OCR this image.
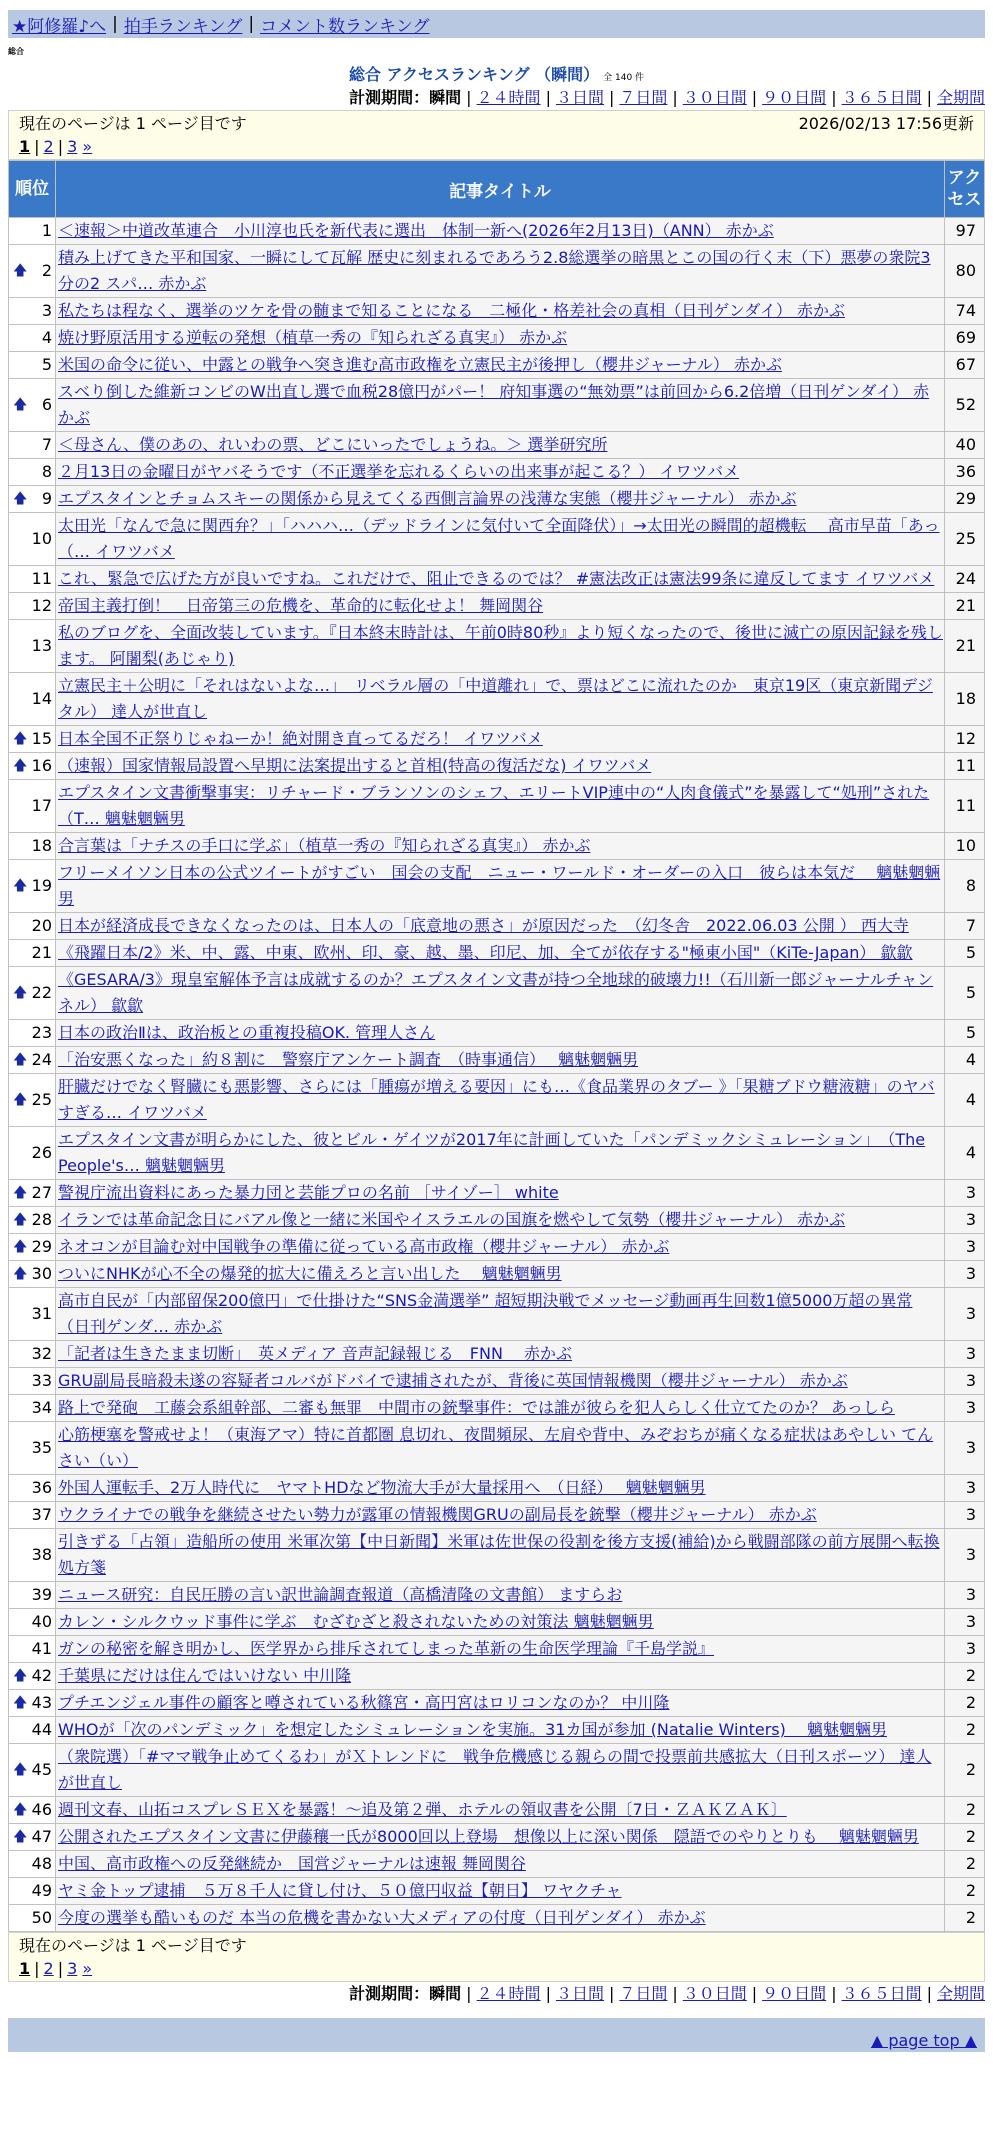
★阿修羅♪へ | 拍手ランキング | コメント数ランキング
総合
総合 アクセスランキング （瞬間） 全 140 件
計測期間：瞬間 | ２４時間 | ３日間 | ７日間 | ３０日間 | ９０日間 | ３６５日間 | 全期間
現在のページは 1 ページ目です	2026/02/13 17:56更新
1 | 2 | 3 »
順位	記事タイトル	アクセス
1	＜速報＞中道改革連合　小川淳也氏を新代表に選出　体制一新へ(2026年2月13日)（ANN） 赤かぶ	97

🡅 2	積み上げてきた平和国家、一瞬にして瓦解 歴史に刻まれるであろう2.8総選挙の暗黒とこの国の行く末（下）悪夢の衆院3分の2 スパ… 赤かぶ	80
3	私たちは程なく、選挙のツケを骨の髄まで知ることになる　二極化・格差社会の真相（日刊ゲンダイ） 赤かぶ	74
4	焼け野原活用する逆転の発想（植草一秀の『知られざる真実』） 赤かぶ	69
5	米国の命令に従い、中露との戦争へ突き進む高市政権を立憲民主が後押し（櫻井ジャーナル） 赤かぶ	67

🡅 6	スベり倒した維新コンビのW出直し選で血税28億円がパー！ 府知事選の“無効票”は前回から6.2倍増（日刊ゲンダイ） 赤かぶ	52
7	＜母さん、僕のあの、れいわの票、どこにいったでしょうね。＞ 選挙研究所	40
8	２月13日の金曜日がヤバそうです（不正選挙を忘れるくらいの出来事が起こる？） イワツバメ	36

🡅 9	エプスタインとチョムスキーの関係から見えてくる西側言論界の浅薄な実態（櫻井ジャーナル） 赤かぶ	29
10	太田光「なんで急に関西弁？」「ハハハ…（デッドラインに気付いて全面降伏）」→太田光の瞬間的超機転　 高市早苗「あっ（… イワツバメ	25
11	これ、緊急で広げた方が良いですね。これだけで、阻止できるのでは？ #憲法改正は憲法99条に違反してます イワツバメ	24
12	帝国主義打倒！　日帝第三の危機を、革命的に転化せよ！ 舞岡関谷	21
13	私のブログを、全面改装しています。『日本終末時計は、午前0時80秒』より短くなったので、後世に滅亡の原因記録を残します。 阿闍梨(あじゃり)	21
14	立憲民主＋公明に「それはないよな…」　リベラル層の「中道離れ」で、票はどこに流れたのか　東京19区（東京新聞デジタル） 達人が世直し	18

🡅 15	日本全国不正祭りじゃねーか！絶対開き直ってるだろ！ イワツバメ	12

🡅 16	（速報）国家情報局設置へ早期に法案提出すると首相(特高の復活だな) イワツバメ	11
17	エプスタイン文書衝撃事実：リチャード・ブランソンのシェフ、エリートVIP連中の“人肉食儀式”を暴露して“処刑”された（T… 魑魅魍魎男	11
18	合言葉は「ナチスの手口に学ぶ」（植草一秀の『知られざる真実』） 赤かぶ	10

🡅 19	フリーメイソン日本の公式ツイートがすごい　国会の支配　ニュー・ワールド・オーダーの入口　彼らは本気だ　 魑魅魍魎男	8
20	日本が経済成長できなくなったのは、日本人の「底意地の悪さ」が原因だった　（幻冬舎　2022.06.03 公開 ） 西大寺	7
21	《飛躍日本/2》米、中、露、中東、欧州、印、豪、越、墨、印尼、加、全てが依存する"極東小国"（KiTe-Japan） 歙歙	5

🡅 22	《GESARA/3》現皇室解体予言は成就するのか？エプスタイン文書が持つ全地球的破壊力!!（石川新一郎ジャーナルチャンネル） 歙歙	5
23	日本の政治Ⅱは、政治板との重複投稿OK. 管理人さん	5

🡅 24	「治安悪くなった」約８割に　警察庁アンケート調査　（時事通信）　 魑魅魍魎男	4

🡅 25	肝臓だけでなく腎臓にも悪影響、さらには「腫瘍が増える要因」にも…《食品業界のタブー 》「果糖ブドウ糖液糖」のヤバすぎる… イワツバメ	4
26	エプスタイン文書が明らかにした、彼とビル・ゲイツが2017年に計画していた「パンデミックシミュレーション」　（The People's… 魑魅魍魎男	4

🡅 27	警視庁流出資料にあった暴力団と芸能プロの名前 ［サイゾー］ white	3

🡅 28	イランでは革命記念日にバアル像と一緒に米国やイスラエルの国旗を燃やして気勢（櫻井ジャーナル） 赤かぶ	3

🡅 29	ネオコンが目論む対中国戦争の準備に従っている高市政権（櫻井ジャーナル） 赤かぶ	3

🡅 30	ついにNHKが心不全の爆発的拡大に備えろと言い出した　 魑魅魍魎男	3
31	高市自民が「内部留保200億円」で仕掛けた“SNS金満選挙” 超短期決戦でメッセージ動画再生回数1億5000万超の異常（日刊ゲンダ… 赤かぶ	3
32	「記者は生きたまま切断」　英メディア 音声記録報じる　FNN　 赤かぶ	3
33	GRU副局長暗殺未遂の容疑者コルバがドバイで逮捕されたが、背後に英国情報機関（櫻井ジャーナル） 赤かぶ	3
34	路上で発砲　工藤会系組幹部、二審も無罪　中間市の銃撃事件：では誰が彼らを犯人らしく仕立てたのか？ あっしら	3
35	心筋梗塞を警戒せよ！（東海アマ）特に首都圏 息切れ、夜間頻尿、左肩や背中、みぞおちが痛くなる症状はあやしい てんさい（い）	3
36	外国人運転手、2万人時代に　ヤマトHDなど物流大手が大量採用へ　（日経）　 魑魅魍魎男	3
37	ウクライナでの戦争を継続させたい勢力が露軍の情報機関GRUの副局長を銃撃（櫻井ジャーナル） 赤かぶ	3
38	引きずる「占領」造船所の使用 米軍次第【中日新聞】米軍は佐世保の役割を後方支援(補給)から戦闘部隊の前方展開へ転換 処方箋	3
39	ニュース研究：自民圧勝の言い訳世論調査報道（高橋清隆の文書館） ますらお	3
40	カレン・シルクウッド事件に学ぶ　むざむざと殺されないための対策法 魑魅魍魎男	3
41	ガンの秘密を解き明かし、医学界から排斥されてしまった革新の生命医学理論『千島学説』	3

🡅 42	千葉県にだけは住んではいけない 中川隆	2

🡅 43	プチエンジェル事件の顧客と噂されている秋篠宮・高円宮はロリコンなのか？ 中川隆	2
44	WHOが「次のパンデミック」を想定したシミュレーションを実施。31カ国が参加 (Natalie Winters)　 魑魅魍魎男	2

🡅 45	（衆院選）「#ママ戦争止めてくるわ」がＸトレンドに　戦争危機感じる親らの間で投票前共感拡大（日刊スポーツ） 達人が世直し	2

🡅 46	週刊文春、山拓コスプレＳＥＸを暴露！～追及第２弾、ホテルの領収書を公開〔7日・ＺＡＫＺＡＫ〕	2

🡅 47	公開されたエプスタイン文書に伊藤穰一氏が8000回以上登場　想像以上に深い関係　隠語でのやりとりも　 魑魅魍魎男	2
48	中国、高市政権への反発継続か　国営ジャーナルは速報 舞岡関谷	2
49	ヤミ金トップ逮捕　５万８千人に貸し付け、５０億円収益【朝日】 ワヤクチャ	2
50	今度の選挙も酷いものだ 本当の危機を書かない大メディアの付度（日刊ゲンダイ） 赤かぶ	2
現在のページは 1 ページ目です
1 | 2 | 3 »
計測期間：瞬間 | ２４時間 | ３日間 | ７日間 | ３０日間 | ９０日間 | ３６５日間 | 全期間
▲ page top ▲
